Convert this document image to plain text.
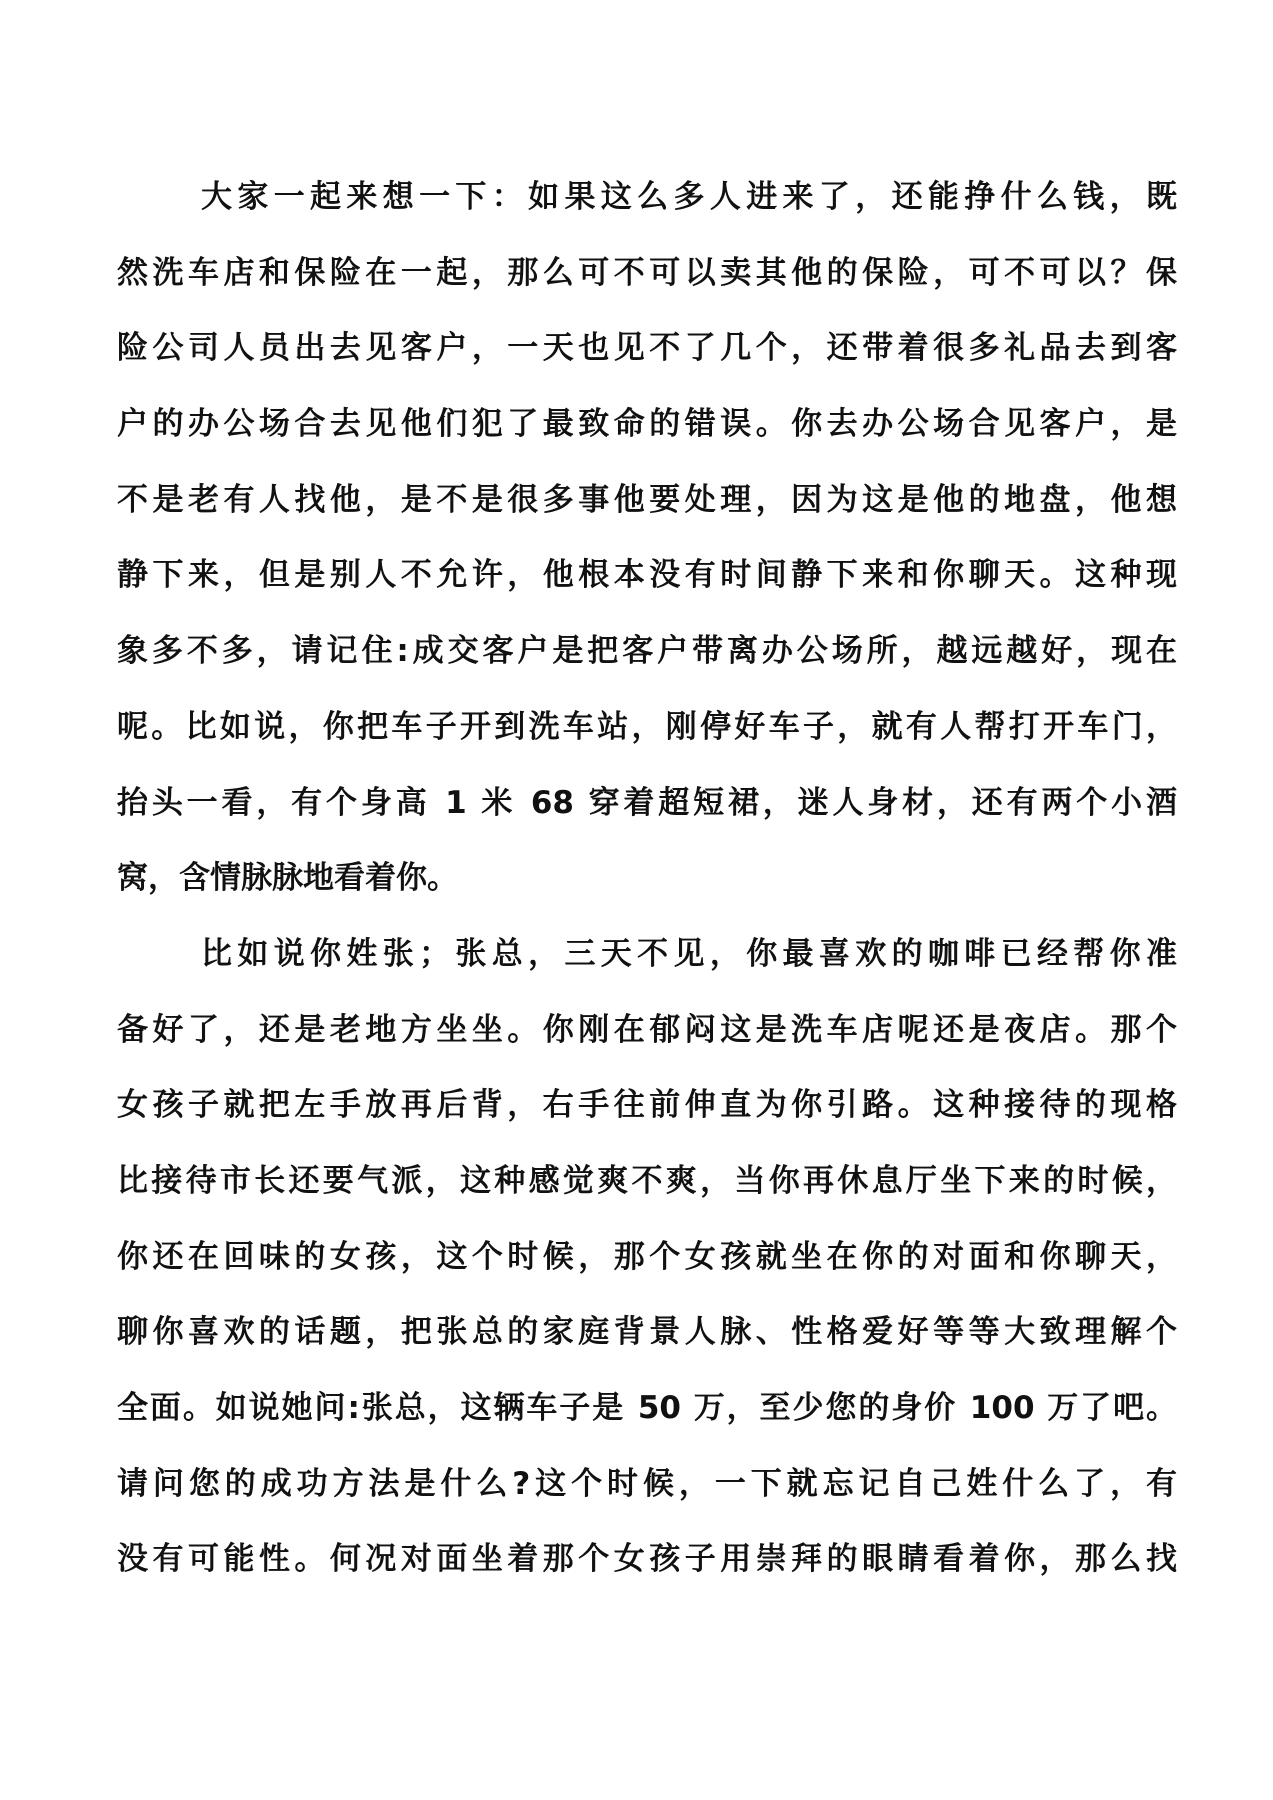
大家一起来想一下：如果这么多人进来了，还能挣什么钱，既
然洗车店和保险在一起，那么可不可以卖其他的保险，可不可以？保
险公司人员出去见客户，一天也见不了几个，还带着很多礼品去到客
户的办公场合去见他们犯了最致命的错误。你去办公场合见客户，是
不是老有人找他，是不是很多事他要处理，因为这是他的地盘，他想
静下来，但是别人不允许，他根本没有时间静下来和你聊天。这种现
象多不多，请记住:成交客户是把客户带离办公场所，越远越好，现在
呢。比如说，你把车子开到洗车站，刚停好车子，就有人帮打开车门，
抬头一看，有个身高 1 米 68 穿着超短裙，迷人身材，还有两个小酒
窝，含情脉脉地看着你。
比如说你姓张；张总，三天不见，你最喜欢的咖啡已经帮你准
备好了，还是老地方坐坐。你刚在郁闷这是洗车店呢还是夜店。那个
女孩子就把左手放再后背，右手往前伸直为你引路。这种接待的现格
比接待市长还要气派，这种感觉爽不爽，当你再休息厅坐下来的时候，
你还在回味的女孩，这个时候，那个女孩就坐在你的对面和你聊天，
聊你喜欢的话题，把张总的家庭背景人脉、性格爱好等等大致理解个
全面。如说她问:张总，这辆车子是 50 万，至少您的身价 100 万了吧。
请问您的成功方法是什么?这个时候，一下就忘记自己姓什么了，有
没有可能性。何况对面坐着那个女孩子用崇拜的眼睛看着你，那么找
